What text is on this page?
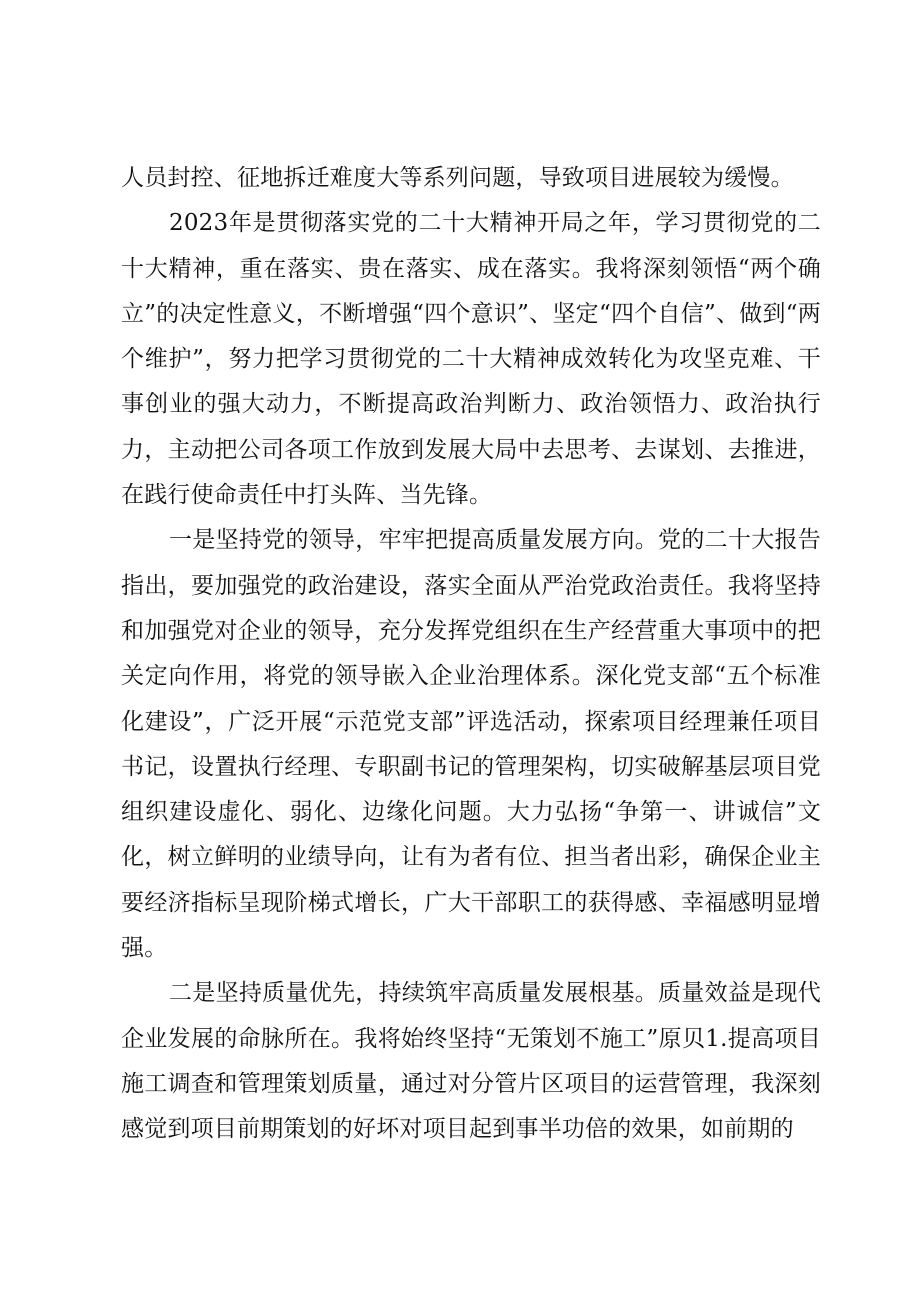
人员封控、征地拆迁难度大等系列问题，导致项目进展较为缓慢。

2023年是贯彻落实党的二十大精神开局之年，学习贯彻党的二十大精神，重在落实、贵在落实、成在落实。我将深刻领悟“两个确立”的决定性意义，不断增强“四个意识”、坚定“四个自信”、做到“两个维护”，努力把学习贯彻党的二十大精神成效转化为攻坚克难、干事创业的强大动力，不断提高政治判断力、政治领悟力、政治执行力，主动把公司各项工作放到发展大局中去思考、去谋划、去推进，在践行使命责任中打头阵、当先锋。

一是坚持党的领导，牢牢把提高质量发展方向。党的二十大报告指出，要加强党的政治建设，落实全面从严治党政治责任。我将坚持和加强党对企业的领导，充分发挥党组织在生产经营重大事项中的把关定向作用，将党的领导嵌入企业治理体系。深化党支部“五个标准化建设”，广泛开展“示范党支部”评选活动，探索项目经理兼任项目书记，设置执行经理、专职副书记的管理架构，切实破解基层项目党组织建设虚化、弱化、边缘化问题。大力弘扬“争第一、讲诚信”文化，树立鲜明的业绩导向，让有为者有位、担当者出彩，确保企业主要经济指标呈现阶梯式增长，广大干部职工的获得感、幸福感明显增强。

二是坚持质量优先，持续筑牢高质量发展根基。质量效益是现代企业发展的命脉所在。我将始终坚持“无策划不施工”原贝1.提高项目施工调查和管理策划质量，通过对分管片区项目的运营管理，我深刻感觉到项目前期策划的好坏对项目起到事半功倍的效果，如前期的
